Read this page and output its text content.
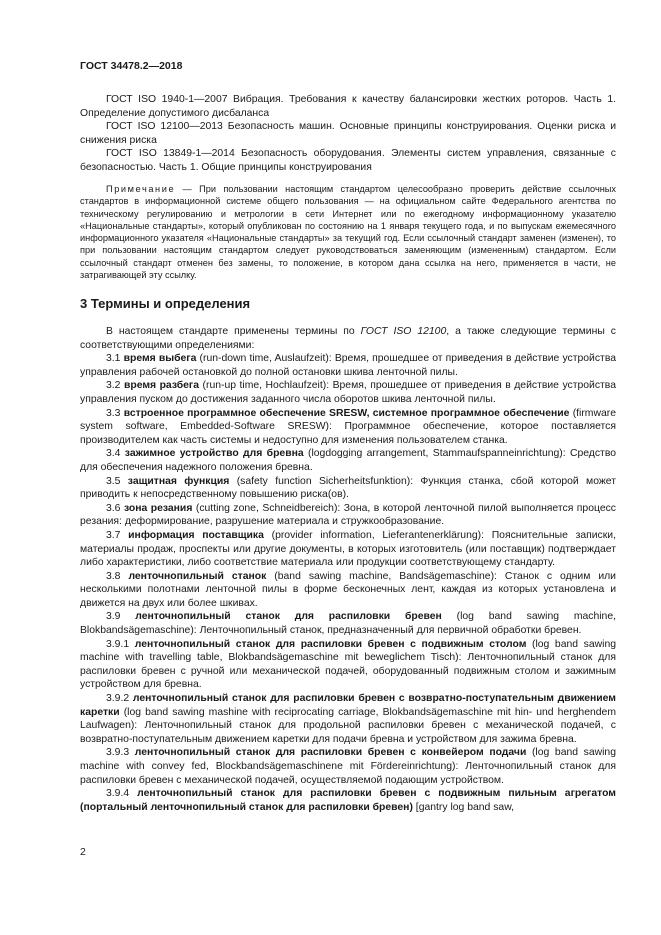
ГОСТ 34478.2—2018

ГОСТ ISO 1940-1—2007 Вибрация. Требования к качеству балансировки жестких роторов. Часть 1. Определение допустимого дисбаланса

ГОСТ ISO 12100—2013 Безопасность машин. Основные принципы конструирования. Оценки риска и снижения риска

ГОСТ ISO 13849-1—2014 Безопасность оборудования. Элементы систем управления, связанные с безопасностью. Часть 1. Общие принципы конструирования

Примечание — При пользовании настоящим стандартом целесообразно проверить действие ссылочных стандартов в информационной системе общего пользования — на официальном сайте Федерального агентства по техническому регулированию и метрологии в сети Интернет или по ежегодному информационному указателю «Национальные стандарты», который опубликован по состоянию на 1 января текущего года, и по выпускам ежемесячного информационного указателя «Национальные стандарты» за текущий год. Если ссылочный стандарт заменен (изменен), то при пользовании настоящим стандартом следует руководствоваться заменяющим (измененным) стандартом. Если ссылочный стандарт отменен без замены, то положение, в котором дана ссылка на него, применяется в части, не затрагивающей эту ссылку.

3 Термины и определения

В настоящем стандарте применены термины по ГОСТ ISO 12100, а также следующие термины с соответствующими определениями:

3.1 время выбега (run-down time, Auslaufzeit): Время, прошедшее от приведения в действие устройства управления рабочей остановкой до полной остановки шкива ленточной пилы.

3.2 время разбега (run-up time, Hochlaufzeit): Время, прошедшее от приведения в действие устройства управления пуском до достижения заданного числа оборотов шкива ленточной пилы.

3.3 встроенное программное обеспечение SRESW, системное программное обеспечение (firmware system software, Embedded-Software SRESW): Программное обеспечение, которое поставляется производителем как часть системы и недоступно для изменения пользователем станка.

3.4 зажимное устройство для бревна (logdogging arrangement, Stammaufspanneinrichtung): Средство для обеспечения надежного положения бревна.

3.5 защитная функция (safety function Sicherheitsfunktion): Функция станка, сбой которой может приводить к непосредственному повышению риска(ов).

3.6 зона резания (cutting zone, Schneidbereich): Зона, в которой ленточной пилой выполняется процесс резания: деформирование, разрушение материала и стружкообразование.

3.7 информация поставщика (provider information, Lieferantenerklärung): Пояснительные записки, материалы продаж, проспекты или другие документы, в которых изготовитель (или поставщик) подтверждает либо характеристики, либо соответствие материала или продукции соответствующему стандарту.

3.8 ленточнопильный станок (band sawing machine, Bandsägemaschine): Станок с одним или несколькими полотнами ленточной пилы в форме бесконечных лент, каждая из которых установлена и движется на двух или более шкивах.

3.9 ленточнопильный станок для распиловки бревен (log band sawing machine, Blokbandsägemaschine): Ленточнопильный станок, предназначенный для первичной обработки бревен.

3.9.1 ленточнопильный станок для распиловки бревен с подвижным столом (log band sawing machine with travelling table, Blokbandsägemaschine mit beweglichem Tisch): Ленточнопильный станок для распиловки бревен с ручной или механической подачей, оборудованный подвижным столом и зажимным устройством для бревна.

3.9.2 ленточнопильный станок для распиловки бревен с возвратно-поступательным движением каретки (log band sawing mashine with reciprocating carriage, Blokbandsägemaschine mit hin- und herghendem Laufwagen): Ленточнопильный станок для продольной распиловки бревен с механической подачей, с возвратно-поступательным движением каретки для подачи бревна и устройством для зажима бревна.

3.9.3 ленточнопильный станок для распиловки бревен с конвейером подачи (log band sawing machine with convey fed, Blockbandsägemaschinene mit Fördereinrichtung): Ленточнопильный станок для распиловки бревен с механической подачей, осуществляемой подающим устройством.

3.9.4 ленточнопильный станок для распиловки бревен с подвижным пильным агрегатом (портальный ленточнопильный станок для распиловки бревен) [gantry log band saw,

2
